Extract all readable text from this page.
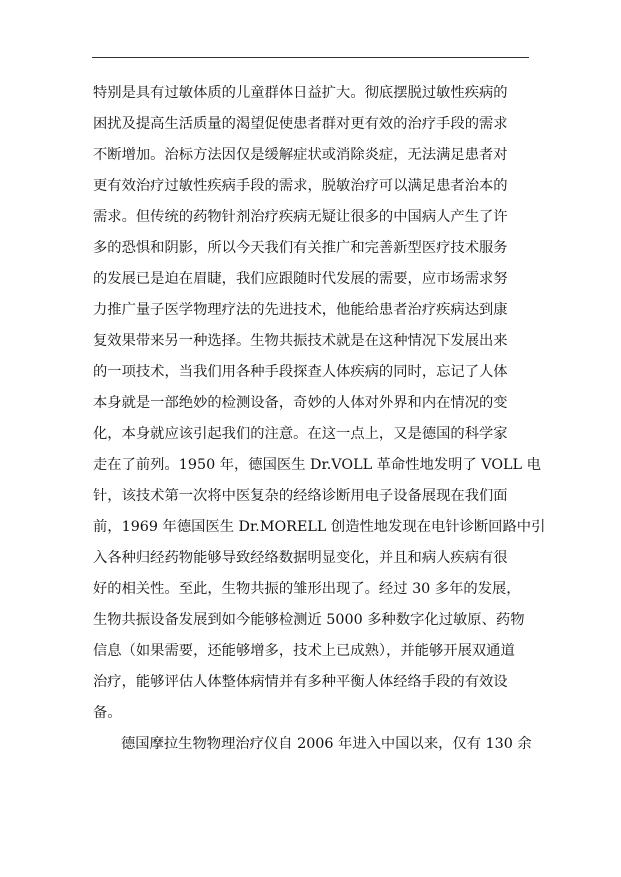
特别是具有过敏体质的儿童群体日益扩大。彻底摆脱过敏性疾病的
困扰及提高生活质量的渴望促使患者群对更有效的治疗手段的需求
不断增加。治标方法因仅是缓解症状或消除炎症，无法满足患者对
更有效治疗过敏性疾病手段的需求，脱敏治疗可以满足患者治本的
需求。但传统的药物针剂治疗疾病无疑让很多的中国病人产生了许
多的恐惧和阴影，所以今天我们有关推广和完善新型医疗技术服务
的发展已是迫在眉睫，我们应跟随时代发展的需要，应市场需求努
力推广量子医学物理疗法的先进技术，他能给患者治疗疾病达到康
复效果带来另一种选择。生物共振技术就是在这种情况下发展出来
的一项技术，当我们用各种手段探查人体疾病的同时，忘记了人体
本身就是一部绝妙的检测设备，奇妙的人体对外界和内在情况的变
化，本身就应该引起我们的注意。在这一点上，又是德国的科学家
走在了前列。1950 年，德国医生 Dr.VOLL 革命性地发明了 VOLL 电
针，该技术第一次将中医复杂的经络诊断用电子设备展现在我们面
前，1969 年德国医生 Dr.MORELL 创造性地发现在电针诊断回路中引
入各种归经药物能够导致经络数据明显变化，并且和病人疾病有很
好的相关性。至此，生物共振的雏形出现了。经过 30 多年的发展，
生物共振设备发展到如今能够检测近 5000 多种数字化过敏原、药物
信息（如果需要，还能够增多，技术上已成熟），并能够开展双通道
治疗，能够评估人体整体病情并有多种平衡人体经络手段的有效设
备。
德国摩拉生物物理治疗仪自 2006 年进入中国以来，仅有 130 余
